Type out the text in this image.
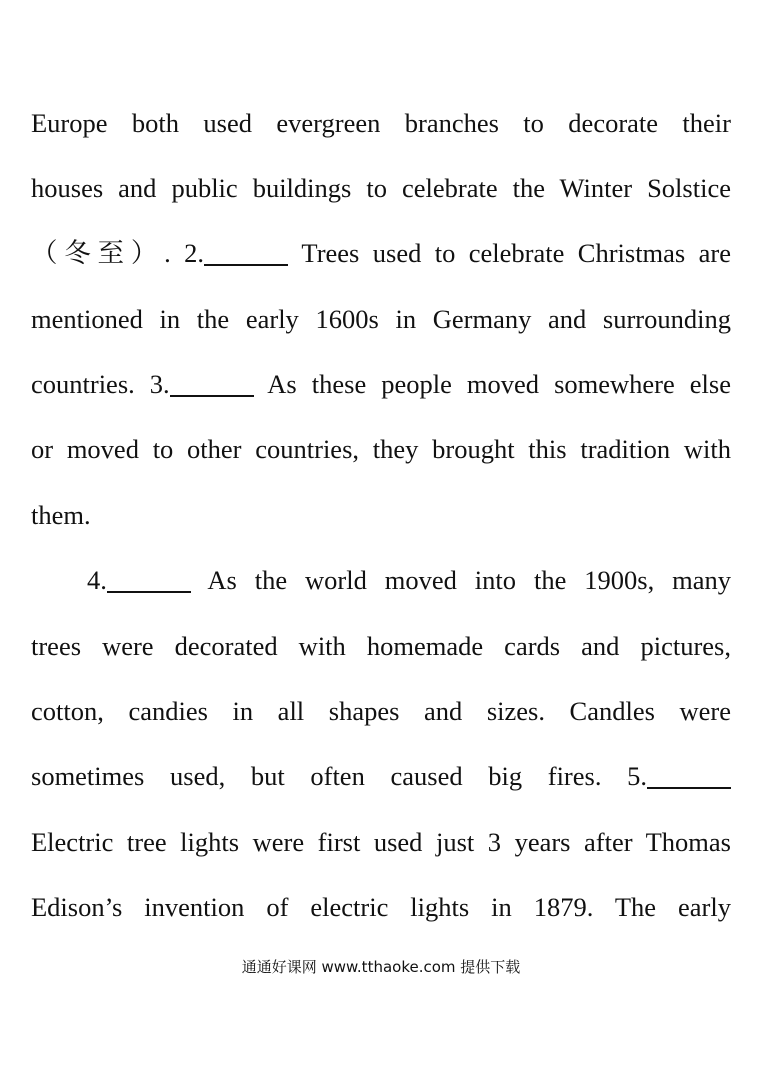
Europe both used evergreen branches to decorate their
houses and public buildings to celebrate the Winter Solstice
（冬至）. 2.	Trees used to celebrate Christmas are
mentioned in the early 1600s in Germany and surrounding
countries. 3.	As these people moved somewhere else
or moved to other countries, they brought this tradition with
them.
4.	As the world moved into the 1900s, many
trees were decorated with homemade cards and pictures,
cotton, candies in all shapes and sizes. Candles were
sometimes used, but often caused big fires. 5.
Electric tree lights were first used just 3 years after Thomas
Edison’s invention of electric lights in 1879. The early
通通好课网 www.tthaoke.com 提供下载
